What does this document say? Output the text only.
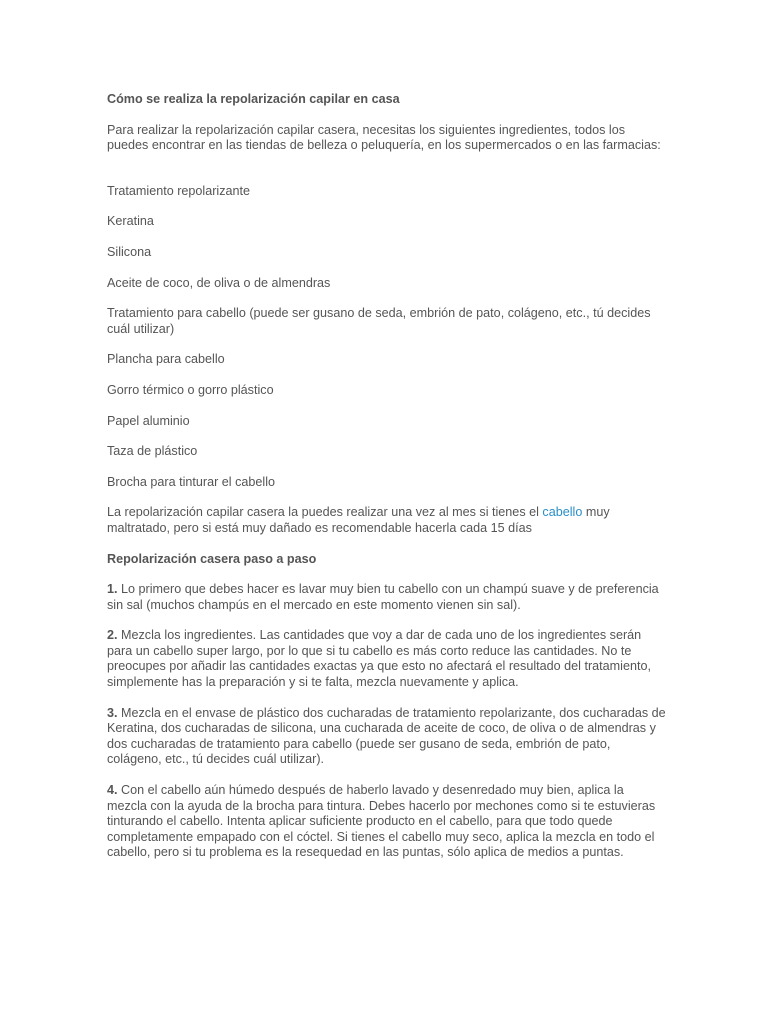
Cómo se realiza la repolarización capilar en casa

Para realizar la repolarización capilar casera, necesitas los siguientes ingredientes, todos los puedes encontrar en las tiendas de belleza o peluquería, en los supermercados o en las farmacias:

Tratamiento repolarizante

Keratina

Silicona

Aceite de coco, de oliva o de almendras

Tratamiento para cabello (puede ser gusano de seda, embrión de pato, colágeno, etc., tú decides cuál utilizar)

Plancha para cabello

Gorro térmico o gorro plástico

Papel aluminio

Taza de plástico

Brocha para tinturar el cabello

La repolarización capilar casera la puedes realizar una vez al mes si tienes el cabello muy maltratado, pero si está muy dañado es recomendable hacerla cada 15 días

Repolarización casera paso a paso

1. Lo primero que debes hacer es lavar muy bien tu cabello con un champú suave y de preferencia sin sal (muchos champús en el mercado en este momento vienen sin sal).

2. Mezcla los ingredientes. Las cantidades que voy a dar de cada uno de los ingredientes serán para un cabello super largo, por lo que si tu cabello es más corto reduce las cantidades. No te preocupes por añadir las cantidades exactas ya que esto no afectará el resultado del tratamiento, simplemente has la preparación y si te falta, mezcla nuevamente y aplica.

3. Mezcla en el envase de plástico dos cucharadas de tratamiento repolarizante, dos cucharadas de Keratina, dos cucharadas de silicona, una cucharada de aceite de coco, de oliva o de almendras y dos cucharadas de tratamiento para cabello (puede ser gusano de seda, embrión de pato, colágeno, etc., tú decides cuál utilizar).

4. Con el cabello aún húmedo después de haberlo lavado y desenredado muy bien, aplica la mezcla con la ayuda de la brocha para tintura. Debes hacerlo por mechones como si te estuvieras tinturando el cabello. Intenta aplicar suficiente producto en el cabello, para que todo quede completamente empapado con el cóctel. Si tienes el cabello muy seco, aplica la mezcla en todo el cabello, pero si tu problema es la resequedad en las puntas, sólo aplica de medios a puntas.
